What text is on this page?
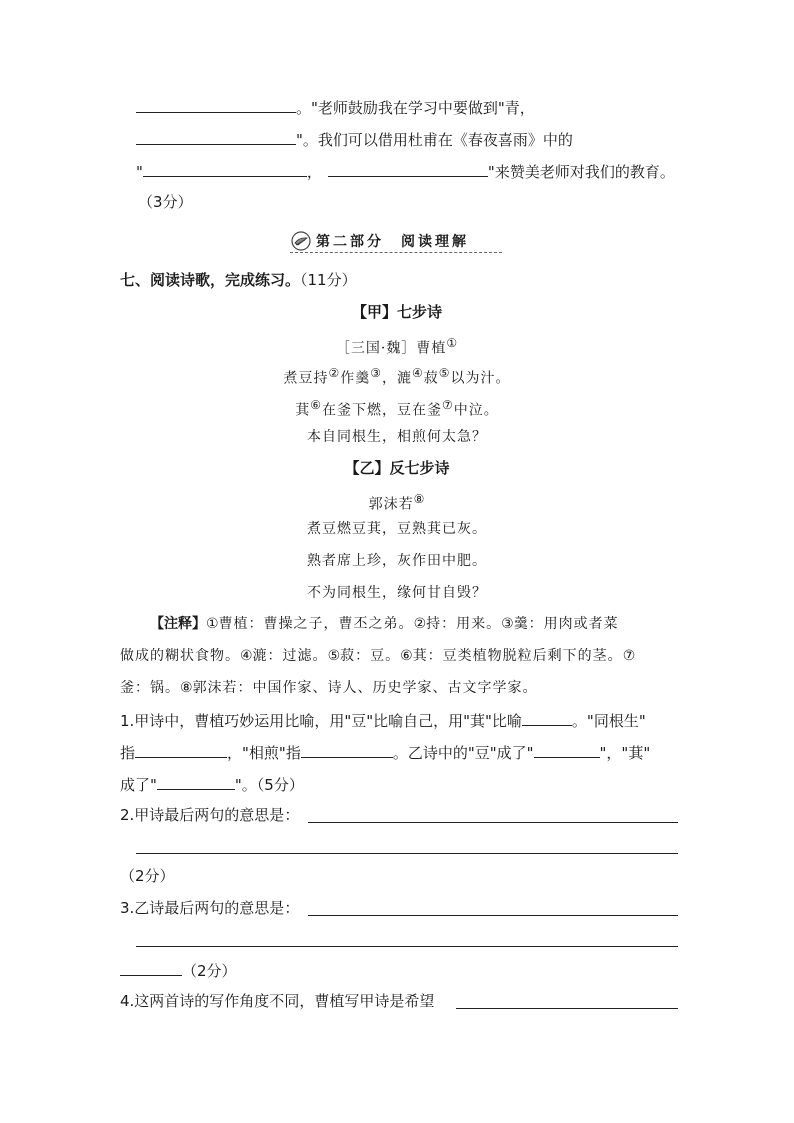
。"老师鼓励我在学习中要做到"青，
"。我们可以借用杜甫在《春夜喜雨》中的
"	，	"来赞美老师对我们的教育。
（3分）
第二部分　阅读理解
七、阅读诗歌，完成练习。（11分）
【甲】七步诗
［三国·魏］曹植①
煮豆持②作羹③，漉④菽⑤以为汁。
萁⑥在釜下燃，豆在釜⑦中泣。
本自同根生，相煎何太急？
【乙】反七步诗
郭沫若⑧
煮豆燃豆萁，豆熟萁已灰。
熟者席上珍，灰作田中肥。
不为同根生，缘何甘自毁？
【注释】①曹植：曹操之子，曹丕之弟。②持：用来。③羹：用肉或者菜
做成的糊状食物。④漉：过滤。⑤菽：豆。⑥萁：豆类植物脱粒后剩下的茎。⑦
釜：锅。⑧郭沫若：中国作家、诗人、历史学家、古文字学家。
1.甲诗中，曹植巧妙运用比喻，用"豆"比喻自己，用"萁"比喻	。"同根生"
指	，"相煎"指	。乙诗中的"豆"成了"	"，"萁"
成了"	"。（5分）
2.甲诗最后两句的意思是：
（2分）
3.乙诗最后两句的意思是：
（2分）
4.这两首诗的写作角度不同，曹植写甲诗是希望
